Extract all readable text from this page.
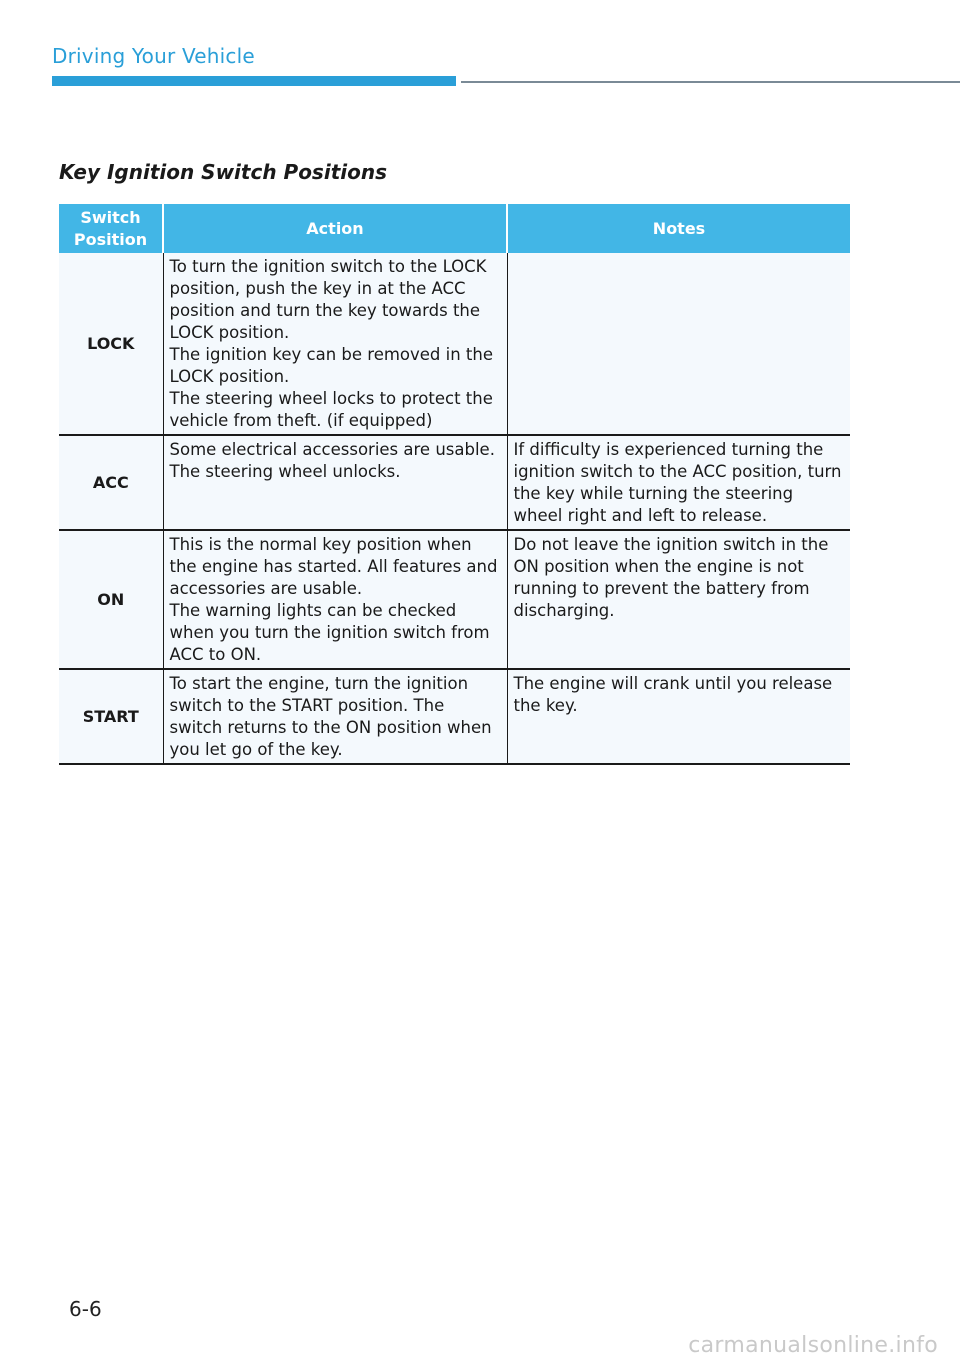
Driving Your Vehicle
Key Ignition Switch Positions
Switch Position	Action	Notes
LOCK	To turn the ignition switch to the LOCK position, push the key in at the ACC position and turn the key towards the LOCK position.
The ignition key can be removed in the LOCK position.
The steering wheel locks to protect the vehicle from theft. (if equipped)	

ACC	Some electrical accessories are usable. The steering wheel unlocks.	If difficulty is experienced turning the ignition switch to the ACC position, turn the key while turning the steering wheel right and left to release.
ON	This is the normal key position when the engine has started. All features and accessories are usable.
The warning lights can be checked when you turn the ignition switch from ACC to ON.	Do not leave the ignition switch in the ON position when the engine is not running to prevent the battery from discharging.
START	To start the engine, turn the ignition switch to the START position. The switch returns to the ON position when you let go of the key.	The engine will crank until you release the key.
6-6
carmanualsonline.info
